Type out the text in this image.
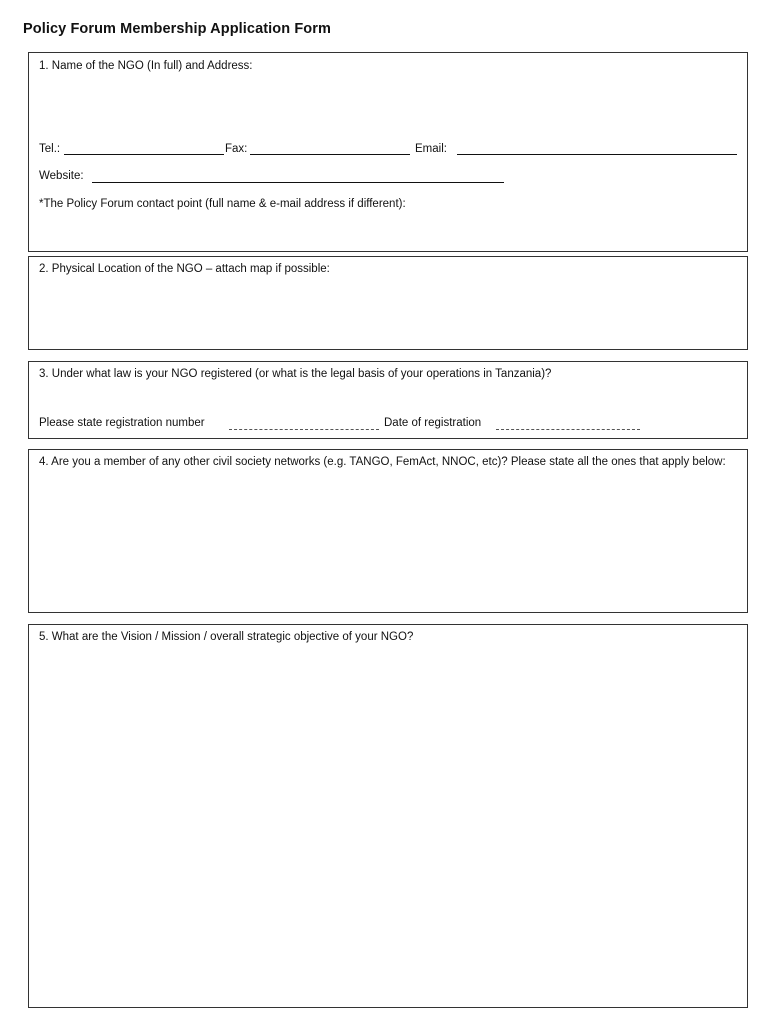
Policy Forum Membership Application Form
1. Name of the NGO (In full) and Address:
Tel.:	Fax:	Email:
Website:
*The Policy Forum contact point (full name & e-mail address if different):
2. Physical Location of the NGO – attach map if possible:
3. Under what law is your NGO registered (or what is the legal basis of your operations in Tanzania)?
Please state registration number	Date of registration
4. Are you a member of any other civil society networks (e.g. TANGO, FemAct, NNOC, etc)? Please state all the ones that apply below:
5. What are the Vision / Mission / overall strategic objective of your NGO?
